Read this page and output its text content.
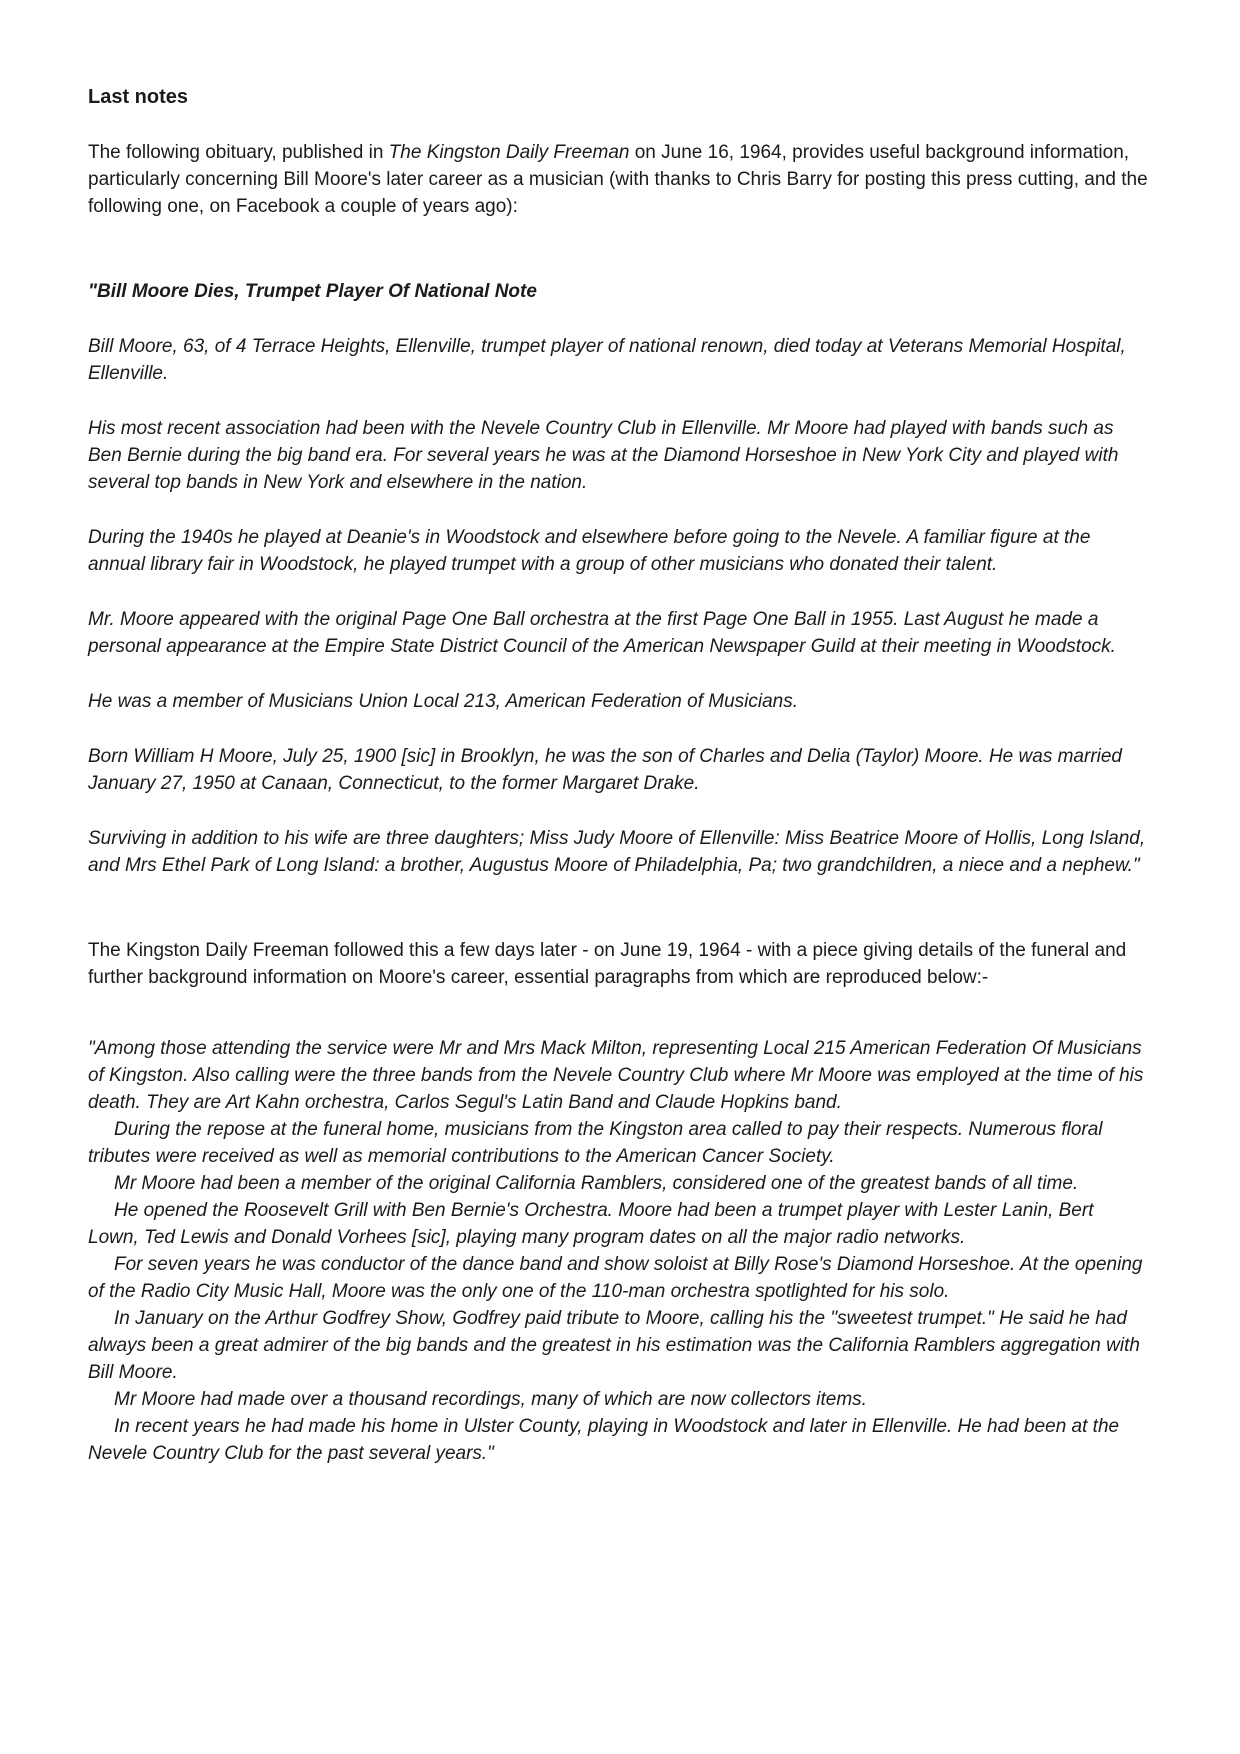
Last notes

The following obituary, published in The Kingston Daily Freeman on June 16, 1964, provides useful background information, particularly concerning Bill Moore's later career as a musician (with thanks to Chris Barry for posting this press cutting, and the following one, on Facebook a couple of years ago):

"Bill Moore Dies, Trumpet Player Of National Note

Bill Moore, 63, of 4 Terrace Heights, Ellenville, trumpet player of national renown, died today at Veterans Memorial Hospital, Ellenville.

His most recent association had been with the Nevele Country Club in Ellenville. Mr Moore had played with bands such as Ben Bernie during the big band era. For several years he was at the Diamond Horseshoe in New York City and played with several top bands in New York and elsewhere in the nation.

During the 1940s he played at Deanie's in Woodstock and elsewhere before going to the Nevele. A familiar figure at the annual library fair in Woodstock, he played trumpet with a group of other musicians who donated their talent.

Mr. Moore appeared with the original Page One Ball orchestra at the first Page One Ball in 1955. Last August he made a personal appearance at the Empire State District Council of the American Newspaper Guild at their meeting in Woodstock.

He was a member of Musicians Union Local 213, American Federation of Musicians.

Born William H Moore, July 25, 1900 [sic] in Brooklyn, he was the son of Charles and Delia (Taylor) Moore. He was married January 27, 1950 at Canaan, Connecticut, to the former Margaret Drake.

Surviving in addition to his wife are three daughters; Miss Judy Moore of Ellenville: Miss Beatrice Moore of Hollis, Long Island, and Mrs Ethel Park of Long Island: a brother, Augustus Moore of Philadelphia, Pa; two grandchildren, a niece and a nephew."

The Kingston Daily Freeman followed this a few days later - on June 19, 1964 - with a piece giving details of the funeral and further background information on Moore's career, essential paragraphs from which are reproduced below:-

"Among those attending the service were Mr and Mrs Mack Milton, representing Local 215 American Federation Of Musicians of Kingston. Also calling were the three bands from the Nevele Country Club where Mr Moore was employed at the time of his death. They are Art Kahn orchestra, Carlos Segul's Latin Band and Claude Hopkins band.

During the repose at the funeral home, musicians from the Kingston area called to pay their respects. Numerous floral tributes were received as well as memorial contributions to the American Cancer Society.

Mr Moore had been a member of the original California Ramblers, considered one of the greatest bands of all time.

He opened the Roosevelt Grill with Ben Bernie's Orchestra. Moore had been a trumpet player with Lester Lanin, Bert Lown, Ted Lewis and Donald Vorhees [sic], playing many program dates on all the major radio networks.

For seven years he was conductor of the dance band and show soloist at Billy Rose's Diamond Horseshoe. At the opening of the Radio City Music Hall, Moore was the only one of the 110-man orchestra spotlighted for his solo.

In January on the Arthur Godfrey Show, Godfrey paid tribute to Moore, calling his the "sweetest trumpet." He said he had always been a great admirer of the big bands and the greatest in his estimation was the California Ramblers aggregation with Bill Moore.

Mr Moore had made over a thousand recordings, many of which are now collectors items.

In recent years he had made his home in Ulster County, playing in Woodstock and later in Ellenville. He had been at the Nevele Country Club for the past several years."
